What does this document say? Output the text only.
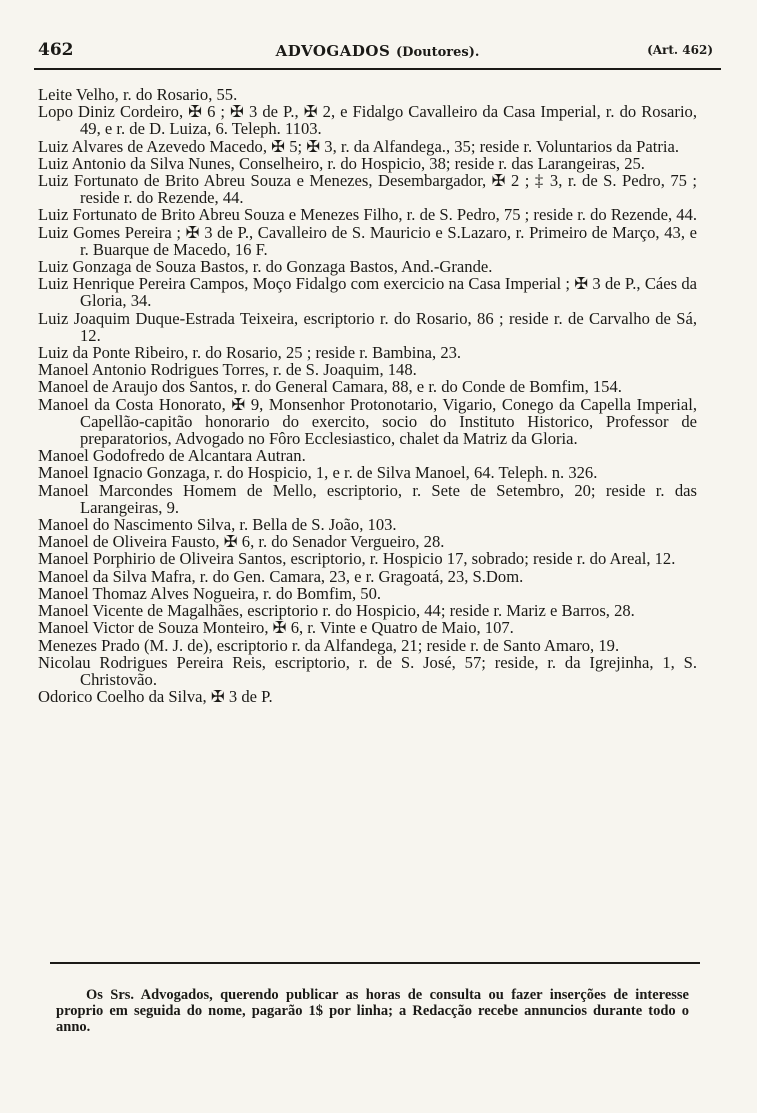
462	ADVOGADOS (Doutores).	(Art. 462)

Leite Velho, r. do Rosario, 55.

Lopo Diniz Cordeiro, ✠ 6 ; ✠ 3 de P., ✠ 2, e Fidalgo Cavalleiro da Casa Imperial, r. do Rosario, 49, e r. de D. Luiza, 6. Teleph. 1103.

Luiz Alvares de Azevedo Macedo, ✠ 5; ✠ 3, r. da Alfandega., 35; reside r. Voluntarios da Patria.

Luiz Antonio da Silva Nunes, Conselheiro, r. do Hospicio, 38; reside r. das Larangeiras, 25.

Luiz Fortunato de Brito Abreu Souza e Menezes, Desembargador, ✠ 2 ; ‡ 3, r. de S. Pedro, 75 ; reside r. do Rezende, 44.

Luiz Fortunato de Brito Abreu Souza e Menezes Filho, r. de S. Pedro, 75 ; reside r. do Rezende, 44.

Luiz Gomes Pereira ; ✠ 3 de P., Cavalleiro de S. Mauricio e S.Lazaro, r. Primeiro de Março, 43, e r. Buarque de Macedo, 16 F.

Luiz Gonzaga de Souza Bastos, r. do Gonzaga Bastos, And.-Grande.

Luiz Henrique Pereira Campos, Moço Fidalgo com exercicio na Casa Imperial ; ✠ 3 de P., Cáes da Gloria, 34.

Luiz Joaquim Duque-Estrada Teixeira, escriptorio r. do Rosario, 86 ; reside r. de Carvalho de Sá, 12.

Luiz da Ponte Ribeiro, r. do Rosario, 25 ; reside r. Bambina, 23.

Manoel Antonio Rodrigues Torres, r. de S. Joaquim, 148.

Manoel de Araujo dos Santos, r. do General Camara, 88, e r. do Conde de Bomfim, 154.

Manoel da Costa Honorato, ✠ 9, Monsenhor Protonotario, Vigario, Conego da Capella Imperial, Capellão-capitão honorario do exercito, socio do Instituto Historico, Professor de preparatorios, Advogado no Fôro Ecclesiastico, chalet da Matriz da Gloria.

Manoel Godofredo de Alcantara Autran.

Manoel Ignacio Gonzaga, r. do Hospicio, 1, e r. de Silva Manoel, 64. Teleph. n. 326.

Manoel Marcondes Homem de Mello, escriptorio, r. Sete de Setembro, 20; reside r. das Larangeiras, 9.

Manoel do Nascimento Silva, r. Bella de S. João, 103.

Manoel de Oliveira Fausto, ✠ 6, r. do Senador Vergueiro, 28.

Manoel Porphirio de Oliveira Santos, escriptorio, r. Hospicio 17, sobrado; reside r. do Areal, 12.

Manoel da Silva Mafra, r. do Gen. Camara, 23, e r. Gragoatá, 23, S.Dom.

Manoel Thomaz Alves Nogueira, r. do Bomfim, 50.

Manoel Vicente de Magalhães, escriptorio r. do Hospicio, 44; reside r. Mariz e Barros, 28.

Manoel Victor de Souza Monteiro, ✠ 6, r. Vinte e Quatro de Maio, 107.

Menezes Prado (M. J. de), escriptorio r. da Alfandega, 21; reside r. de Santo Amaro, 19.

Nicolau Rodrigues Pereira Reis, escriptorio, r. de S. José, 57; reside, r. da Igrejinha, 1, S. Christovão.

Odorico Coelho da Silva, ✠ 3 de P.

Os Srs. Advogados, querendo publicar as horas de consulta ou fazer inserções de interesse proprio em seguida do nome, pagarão 1$ por linha; a Redacção recebe annuncios durante todo o anno.
